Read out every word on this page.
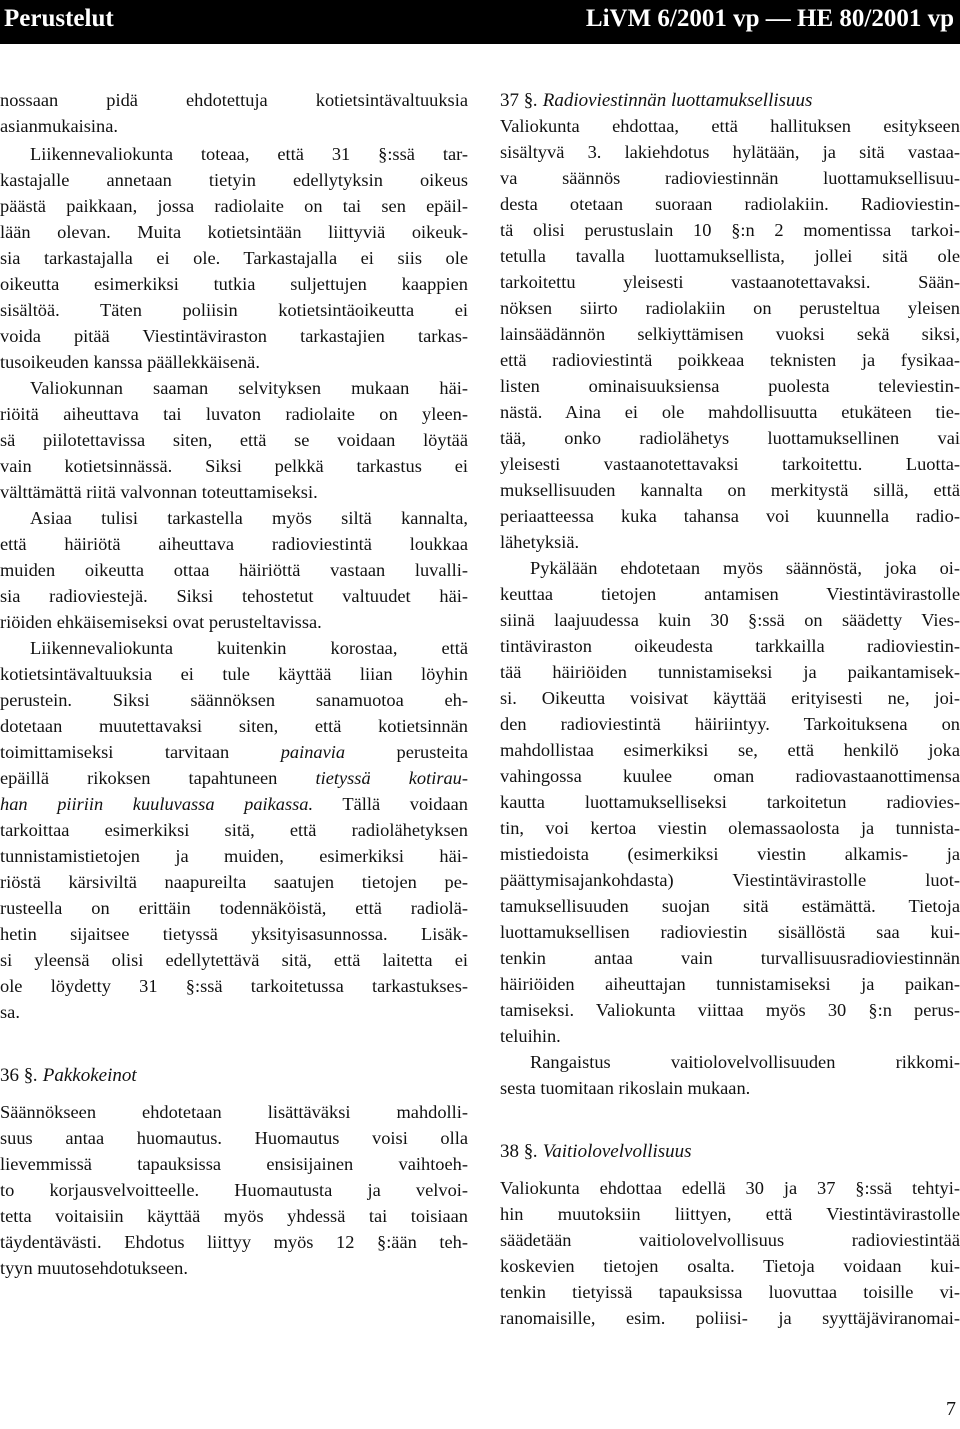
Perustelut	LiVM 6/2001 vp — HE 80/2001 vp
nossaan pidä ehdotettuja kotietsintävaltuuksia
asianmukaisina.
Liikennevaliokunta toteaa, että 31 §:ssä tar-
kastajalle annetaan tietyin edellytyksin oikeus
päästä paikkaan, jossa radiolaite on tai sen epäil-
lään olevan. Muita kotietsintään liittyviä oikeuk-
sia tarkastajalla ei ole. Tarkastajalla ei siis ole
oikeutta esimerkiksi tutkia suljettujen kaappien
sisältöä. Täten poliisin kotietsintäoikeutta ei
voida pitää Viestintäviraston tarkastajien tarkas-
tusoikeuden kanssa päällekkäisenä.
Valiokunnan saaman selvityksen mukaan häi-
riöitä aiheuttava tai luvaton radiolaite on yleen-
sä piilotettavissa siten, että se voidaan löytää
vain kotietsinnässä. Siksi pelkkä tarkastus ei
välttämättä riitä valvonnan toteuttamiseksi.
Asiaa tulisi tarkastella myös siltä kannalta,
että häiriötä aiheuttava radioviestintä loukkaa
muiden oikeutta ottaa häiriöttä vastaan luvalli-
sia radioviestejä. Siksi tehostetut valtuudet häi-
riöiden ehkäisemiseksi ovat perusteltavissa.
Liikennevaliokunta kuitenkin korostaa, että
kotietsintävaltuuksia ei tule käyttää liian löyhin
perustein. Siksi säännöksen sanamuotoa eh-
dotetaan muutettavaksi siten, että kotietsinnän
toimittamiseksi tarvitaan painavia perusteita
epäillä rikoksen tapahtuneen tietyssä kotirau-
han piiriin kuuluvassa paikassa. Tällä voidaan
tarkoittaa esimerkiksi sitä, että radiolähetyksen
tunnistamistietojen ja muiden, esimerkiksi häi-
riöstä kärsiviltä naapureilta saatujen tietojen pe-
rusteella on erittäin todennäköistä, että radiolä-
hetin sijaitsee tietyssä yksityisasunnossa. Lisäk-
si yleensä olisi edellytettävä sitä, että laitetta ei
ole löydetty 31 §:ssä tarkoitetussa tarkastukses-
sa.
36 §. Pakkokeinot
Säännökseen ehdotetaan lisättäväksi mahdolli-
suus antaa huomautus. Huomautus voisi olla
lievemmissä tapauksissa ensisijainen vaihtoeh-
to korjausvelvoitteelle. Huomautusta ja velvoi-
tetta voitaisiin käyttää myös yhdessä tai toisiaan
täydentävästi. Ehdotus liittyy myös 12 §:ään teh-
tyyn muutosehdotukseen.
37 §. Radioviestinnän luottamuksellisuus
Valiokunta ehdottaa, että hallituksen esitykseen
sisältyvä 3. lakiehdotus hylätään, ja sitä vastaa-
va säännös radioviestinnän luottamuksellisuu-
desta otetaan suoraan radiolakiin. Radioviestin-
tä olisi perustuslain 10 §:n 2 momentissa tarkoi-
tetulla tavalla luottamuksellista, jollei sitä ole
tarkoitettu yleisesti vastaanotettavaksi. Sään-
nöksen siirto radiolakiin on perusteltua yleisen
lainsäädännön selkiyttämisen vuoksi sekä siksi,
että radioviestintä poikkeaa teknisten ja fysikaa-
listen ominaisuuksiensa puolesta televiestin-
nästä. Aina ei ole mahdollisuutta etukäteen tie-
tää, onko radiolähetys luottamuksellinen vai
yleisesti vastaanotettavaksi tarkoitettu. Luotta-
muksellisuuden kannalta on merkitystä sillä, että
periaatteessa kuka tahansa voi kuunnella radio-
lähetyksiä.
Pykälään ehdotetaan myös säännöstä, joka oi-
keuttaa tietojen antamisen Viestintävirastolle
siinä laajuudessa kuin 30 §:ssä on säädetty Vies-
tintäviraston oikeudesta tarkkailla radioviestin-
tää häiriöiden tunnistamiseksi ja paikantamisek-
si. Oikeutta voisivat käyttää erityisesti ne, joi-
den radioviestintä häiriintyy. Tarkoituksena on
mahdollistaa esimerkiksi se, että henkilö joka
vahingossa kuulee oman radiovastaanottimensa
kautta luottamukselliseksi tarkoitetun radiovies-
tin, voi kertoa viestin olemassaolosta ja tunnista-
mistiedoista (esimerkiksi viestin alkamis- ja
päättymisajankohdasta) Viestintävirastolle luot-
tamuksellisuuden suojan sitä estämättä. Tietoja
luottamuksellisen radioviestin sisällöstä saa kui-
tenkin antaa vain turvallisuusradioviestinnän
häiriöiden aiheuttajan tunnistamiseksi ja paikan-
tamiseksi. Valiokunta viittaa myös 30 §:n perus-
teluihin.
Rangaistus vaitiolovelvollisuuden rikkomi-
sesta tuomitaan rikoslain mukaan.
38 §. Vaitiolovelvollisuus
Valiokunta ehdottaa edellä 30 ja 37 §:ssä tehtyi-
hin muutoksiin liittyen, että Viestintävirastolle
säädetään vaitiolovelvollisuus radioviestintää
koskevien tietojen osalta. Tietoja voidaan kui-
tenkin tietyissä tapauksissa luovuttaa toisille vi-
ranomaisille, esim. poliisi- ja syyttäjäviranomai-
7
